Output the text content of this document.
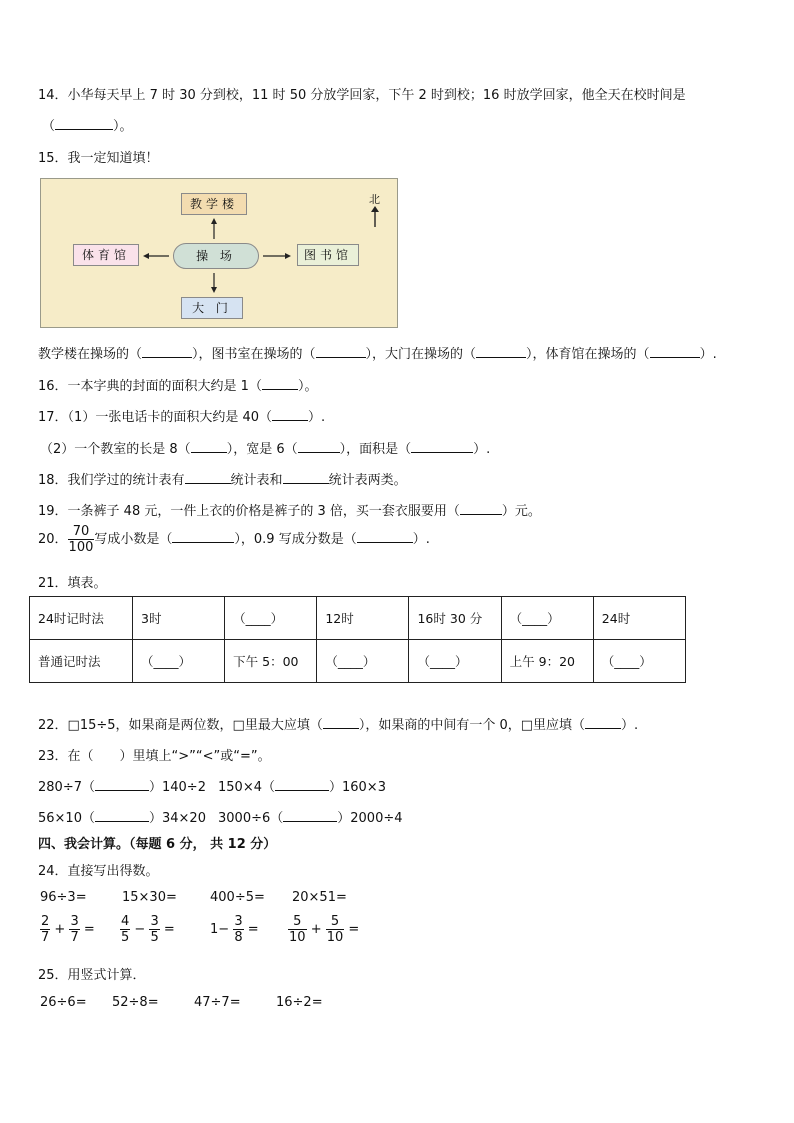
14．小华每天早上 7 时 30 分到校，11 时 50 分放学回家，下午 2 时到校；16 时放学回家，他全天在校时间是
（	）。
15．我一定知道填！
教学楼
体育馆	操 场	图书馆
大 门
北
教学楼在操场的（	），图书室在操场的（	），大门在操场的（	），体育馆在操场的（	）.
16．一本字典的封面的面积大约是 1（	）。
17．（1）一张电话卡的面积大约是 40（	）.
（2）一个教室的长是 8（	），宽是 6（	），面积是（	）.
18．我们学过的统计表有	统计表和	统计表两类。
19．一条裤子 48 元，一件上衣的价格是裤子的 3 倍，买一套衣服要用（	）元。
20． $\frac{70}{100}$ 写成小数是（	），0.9 写成分数是（	）.
21．填表。
24时记时法	3时	（____）	12时	16时 30 分	（____）	24时
普通记时法	（____）	下午 5：00	（____）	（____）	上午 9：20	（____）
22．□15÷5，如果商是两位数，□里最大应填（	），如果商的中间有一个 0，□里应填（	）.
23．在（　　）里填上“>”“<”或“=”。
280÷7（	）140÷2 150×4（	）160×3
56×10（	）34×20 3000÷6（	）2000÷4
四、我会计算。（每题 6 分， 共 12 分）
24．直接写出得数。
96÷3=	15×30=	400÷5= 20×51=
$\frac{2}{7} + \frac{3}{7} = \frac{4}{5} - \frac{3}{5}$ =	$1- \frac{3}{8} = \frac{5}{10} + \frac{5}{10}$ =
25．用竖式计算．
26÷6= 52÷8=	47÷7=	16÷2=
